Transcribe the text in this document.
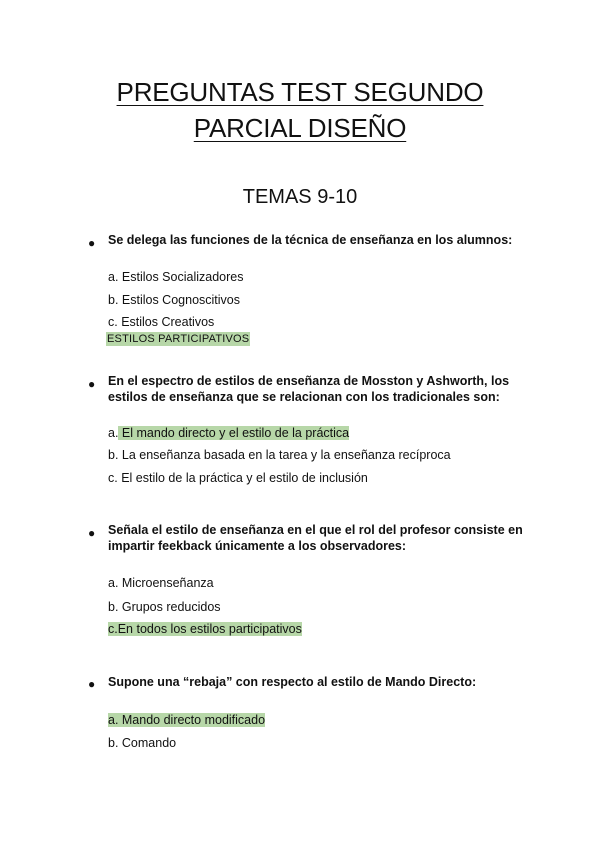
PREGUNTAS TEST SEGUNDO
PARCIAL DISEÑO
TEMAS 9-10
● Se delega las funciones de la técnica de enseñanza en los alumnos:
a. Estilos Socializadores
b. Estilos Cognoscitivos
c. Estilos Creativos
ESTILOS PARTICIPATIVOS
● En el espectro de estilos de enseñanza de Mosston y Ashworth, los estilos de enseñanza que se relacionan con los tradicionales son:
a. El mando directo y el estilo de la práctica
b. La enseñanza basada en la tarea y la enseñanza recíproca
c. El estilo de la práctica y el estilo de inclusión
● Señala el estilo de enseñanza en el que el rol del profesor consiste en impartir feekback únicamente a los observadores:
a. Microenseñanza
b. Grupos reducidos
c.En todos los estilos participativos
● Supone una “rebaja” con respecto al estilo de Mando Directo:
a. Mando directo modificado
b. Comando
